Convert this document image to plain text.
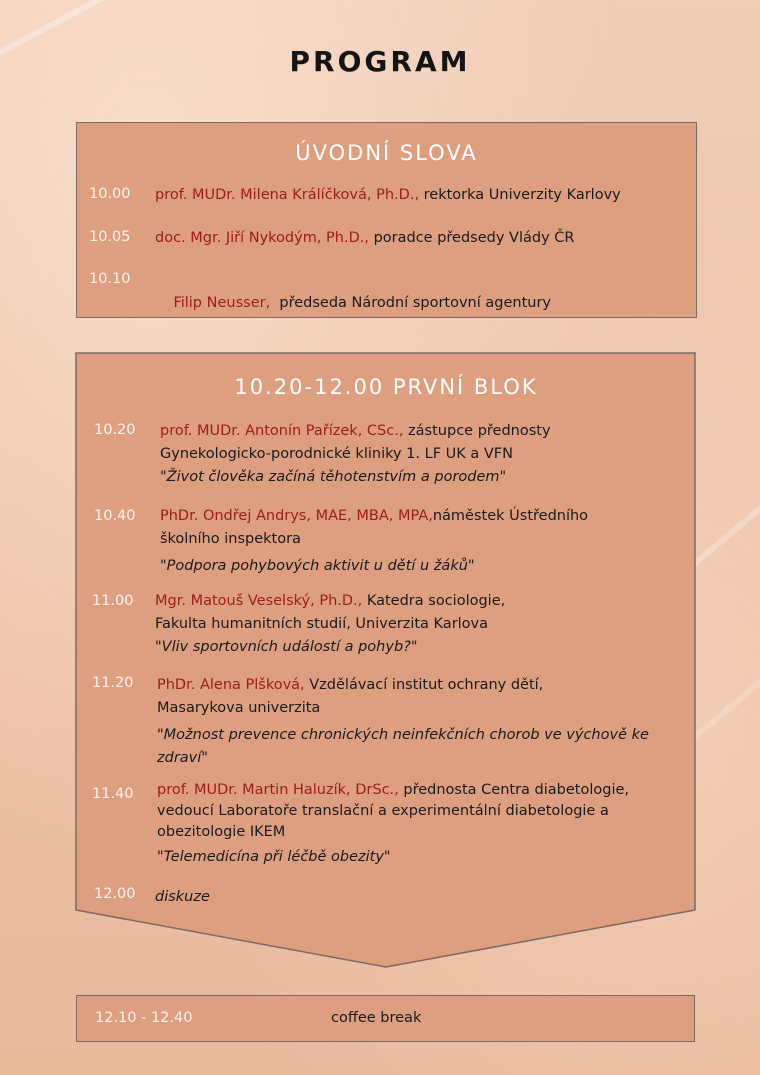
PROGRAM
ÚVODNÍ SLOVA
10.00 prof. MUDr. Milena Králíčková, Ph.D., rektorka Univerzity Karlovy
10.05 doc. Mgr. Jiří Nykodým, Ph.D., poradce předsedy Vlády ČR
10.10

Filip Neusser,  předseda Národní sportovní agentury

10.20-12.00 PRVNÍ BLOK
10.20 prof. MUDr. Antonín Pařízek, CSc., zástupce přednosty
Gynekologicko-porodnické kliniky 1. LF UK a VFN
"Život člověka začíná těhotenstvím a porodem"
10.40 PhDr. Ondřej Andrys, MAE, MBA, MPA,náměstek Ústředního
školního inspektora
"Podpora pohybových aktivit u dětí u žáků"
11.00 Mgr. Matouš Veselský, Ph.D., Katedra sociologie,
Fakulta humanitních studií, Univerzita Karlova
"Vliv sportovních událostí a pohyb?"
11.20 PhDr. Alena Plšková, Vzdělávací institut ochrany dětí,
Masarykova univerzita
"Možnost prevence chronických neinfekčních chorob ve výchově ke zdraví"
11.40 prof. MUDr. Martin Haluzík, DrSc., přednosta Centra diabetologie,
vedoucí Laboratoře translační a experimentální diabetologie a obezitologie IKEM
"Telemedicína při léčbě obezity"
12.00 diskuze
12.10 - 12.40	coffee break
